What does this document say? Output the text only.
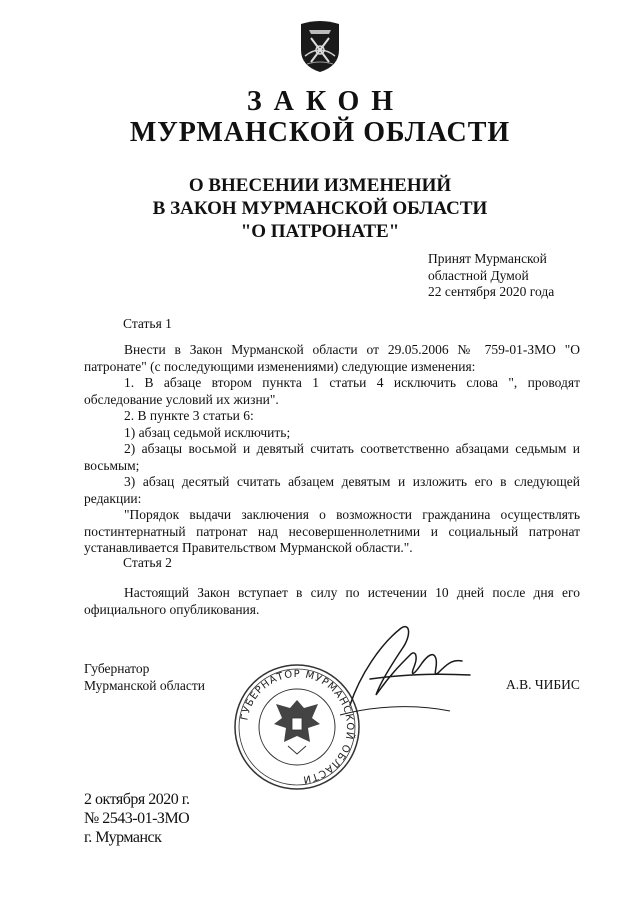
ЗАКОН
МУРМАНСКОЙ ОБЛАСТИ
О ВНЕСЕНИИ ИЗМЕНЕНИЙ
В ЗАКОН МУРМАНСКОЙ ОБЛАСТИ
"О ПАТРОНАТЕ"
Принят Мурманской
областной Думой
22 сентября 2020 года
Статья 1

Внести в Закон Мурманской области от 29.05.2006 № 759-01-ЗМО "О патронате" (с последующими изменениями) следующие изменения:

1. В абзаце втором пункта 1 статьи 4 исключить слова ", проводят обследование условий их жизни".

2. В пункте 3 статьи 6:

1) абзац седьмой исключить;

2) абзацы восьмой и девятый считать соответственно абзацами седьмым и восьмым;

3) абзац десятый считать абзацем девятым и изложить его в следующей редакции:

"Порядок выдачи заключения о возможности гражданина осуществлять постинтернатный патронат над несовершеннолетними и социальный патронат устанавливается Правительством Мурманской области.".

Статья 2

Настоящий Закон вступает в силу по истечении 10 дней после дня его официального опубликования.

Губернатор
Мурманской области
ГУБЕРНАТОР МУРМАНСКОЙ ОБЛАСТИ
А.В. ЧИБИС
2 октября 2020 г.
№ 2543-01-ЗМО
г. Мурманск
